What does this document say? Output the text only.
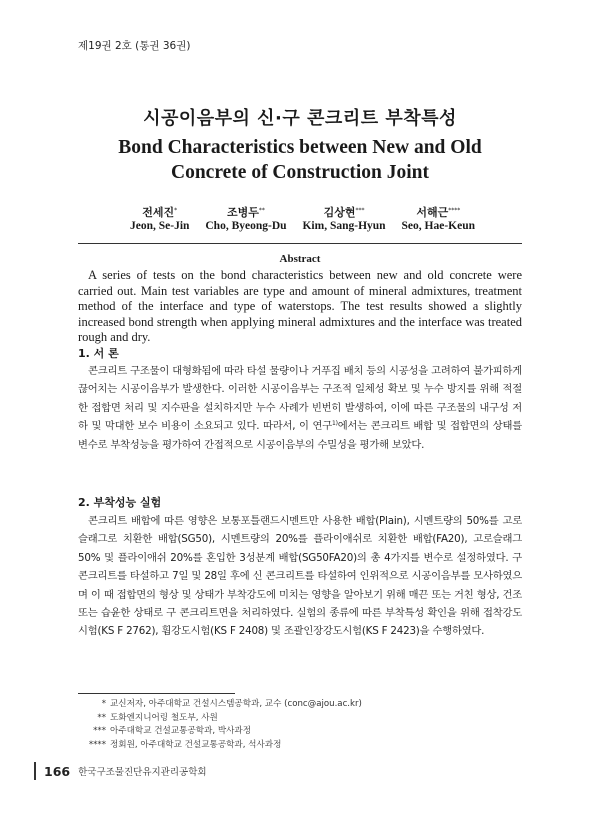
제19권 2호 (통권 36권)
시공이음부의 신·구 콘크리트 부착특성
Bond Characteristics between New and Old
Concrete of Construction Joint
전세진*
Jeon, Se-Jin
조병두**
Cho, Byeong-Du
김상현***
Kim, Sang-Hyun
서해근****
Seo, Hae-Keun
Abstract
A series of tests on the bond characteristics between new and old concrete were carried out. Main test variables are type and amount of mineral admixtures, treatment method of the interface and type of waterstops. The test results showed a slightly increased bond strength when applying mineral admixtures and the interface was treated rough and dry.
1. 서 론
콘크리트 구조물이 대형화됨에 따라 타설 물량이나 거푸집 배치 등의 시공성을 고려하여 불가피하게 끊어치는 시공이음부가 발생한다. 이러한 시공이음부는 구조적 일체성 확보 및 누수 방지를 위해 적절한 접합면 처리 및 지수판을 설치하지만 누수 사례가 빈번히 발생하여, 이에 따른 구조물의 내구성 저하 및 막대한 보수 비용이 소요되고 있다. 따라서, 이 연구$^{1)}$에서는 콘크리트 배합 및 접합면의 상태를 변수로 부착성능을 평가하여 간접적으로 시공이음부의 수밀성을 평가해 보았다.
2. 부착성능 실험
콘크리트 배합에 따른 영향은 보통포틀랜드시멘트만 사용한 배합(Plain), 시멘트량의 50%를 고로슬래그로 치환한 배합(SG50), 시멘트량의 20%를 플라이애쉬로 치환한 배합(FA20), 고로슬래그 50% 및 플라이애쉬 20%를 혼입한 3성분계 배합(SG50FA20)의 총 4가지를 변수로 설정하였다. 구 콘크리트를 타설하고 7일 및 28일 후에 신 콘크리트를 타설하여 인위적으로 시공이음부를 모사하였으며 이 때 접합면의 형상 및 상태가 부착강도에 미치는 영향을 알아보기 위해 매끈 또는 거친 형상, 건조 또는 습윤한 상태로 구 콘크리트면을 처리하였다. 실험의 종류에 따른 부착특성 확인을 위해 접착강도시험(KS F 2762), 휨강도시험(KS F 2408) 및 조괄인장강도시험(KS F 2423)을 수행하였다.
* 교신저자, 아주대학교 건설시스템공학과, 교수 (conc@ajou.ac.kr)
** 도화엔지니어링 철도부, 사원
*** 아주대학교 건설교통공학과, 박사과정
**** 정회원, 아주대학교 건설교통공학과, 석사과정
166 한국구조물진단유지관리공학회
